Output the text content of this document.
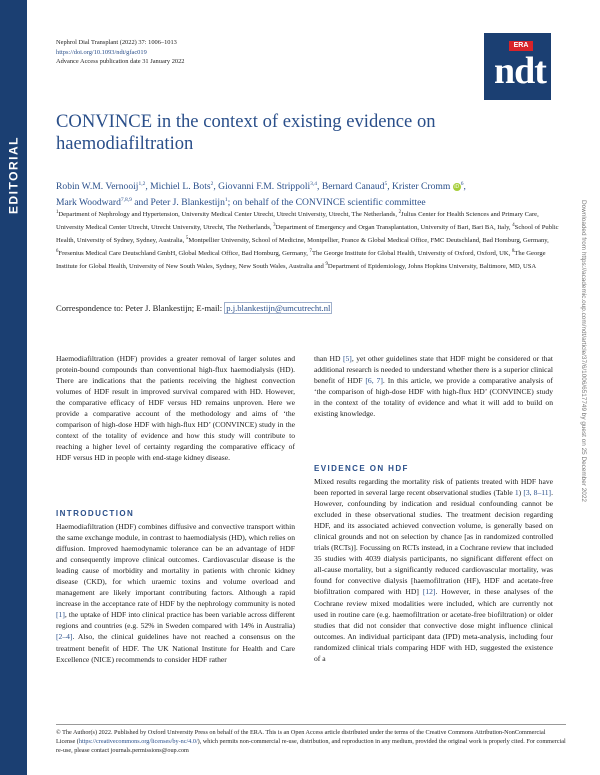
EDITORIAL
Nephrol Dial Transplant (2022) 37: 1006–1013
https://doi.org/10.1093/ndt/gfac019
Advance Access publication date 31 January 2022
ERA
ndt
CONVINCE in the context of existing evidence on haemodiafiltration
Robin W.M. Vernooij$^{1,2}$, Michiel L. Bots$^2$, Giovanni F.M. Strippoli$^{3,4}$, Bernard Canaud$^5$, Krister Cromm $iD^6$,
Mark Woodward$^{7,8,9}$ and Peter J. Blankestijn$^1$; on behalf of the CONVINCE scientific committee
$^1$Department of Nephrology and Hypertension, University Medical Center Utrecht, Utrecht University, Utrecht, The Netherlands, $^2$Julius Center for Health Sciences and Primary Care, University Medical Center Utrecht, Utrecht University, Utrecht, The Netherlands, $^3$Department of Emergency and Organ Transplantation, University of Bari, Bari BA, Italy, $^4$School of Public Health, University of Sydney, Sydney, Australia, $^5$Montpellier University, School of Medicine, Montpellier, France & Global Medical Office, FMC Deutschland, Bad Homburg, Germany, $^6$Fresenius Medical Care Deutschland GmbH, Global Medical Office, Bad Homburg, Germany, $^7$The George Institute for Global Health, University of Oxford, Oxford, UK, $^8$The George Institute for Global Health, University of New South Wales, Sydney, New South Wales, Australia and $^9$Department of Epidemiology, Johns Hopkins University, Baltimore, MD, USA
Correspondence to: Peter J. Blankestijn; E-mail: p.j.blankestijn@umcutrecht.nl

Haemodiafiltration (HDF) provides a greater removal of larger solutes and protein-bound compounds than conventional high-flux haemodialysis (HD). There are indications that the patients receiving the highest convection volumes of HDF result in improved survival compared with HD. However, the comparative efficacy of HDF versus HD remains unproven. Here we provide a comparative account of the methodology and aims of ‘the comparison of high-dose HDF with high-flux HD’ (CONVINCE) study in the context of the totality of evidence and how this study will contribute to reaching a higher level of certainty regarding the comparative efficacy of HDF versus HD in people with end-stage kidney disease.

INTRODUCTION

Haemodiafiltration (HDF) combines diffusive and convective transport within the same exchange module, in contrast to haemodialysis (HD), which relies on diffusion. Improved haemodynamic tolerance can be an advantage of HDF and consequently improve clinical outcomes. Cardiovascular disease is the leading cause of morbidity and mortality in patients with chronic kidney disease (CKD), for which uraemic toxins and volume overload and management are likely important contributing factors. Although a rapid increase in the acceptance rate of HDF by the nephrology community is noted [1], the uptake of HDF into clinical practice has been variable across different regions and countries (e.g. 52% in Sweden compared with 14% in Australia) [2–4]. Also, the clinical guidelines have not reached a consensus on the treatment benefit of HDF. The UK National Institute for Health and Care Excellence (NICE) recommends to consider HDF rather

than HD [5], yet other guidelines state that HDF might be considered or that additional research is needed to understand whether there is a superior clinical benefit of HDF [6, 7]. In this article, we provide a comparative analysis of ‘the comparison of high-dose HDF with high-flux HD’ (CONVINCE) study in the context of the totality of evidence and what it will add to build on existing knowledge.

EVIDENCE ON HDF

Mixed results regarding the mortality risk of patients treated with HDF have been reported in several large recent observational studies (Table 1) [3, 8–11]. However, confounding by indication and residual confounding cannot be excluded in these observational studies. The treatment decision regarding HDF, and its associated achieved convection volume, is generally based on clinical grounds and not on selection by chance [as in randomized controlled trials (RCTs)]. Focussing on RCTs instead, in a Cochrane review that included 35 studies with 4039 dialysis participants, no significant different effect on all-cause mortality, but a significantly reduced cardiovascular mortality, was found for convective dialysis [haemofiltration (HF), HDF and acetate-free biofiltration compared with HD] [12]. However, in these analyses of the Cochrane review mixed modalities were included, which are currently not used in routine care (e.g. haemofiltration or acetate-free biofiltration) or older studies that did not consider that convective dose might influence clinical outcomes. An individual participant data (IPD) meta-analysis, including four randomized clinical trials comparing HDF with HD, suggested the existence of a

© The Author(s) 2022. Published by Oxford University Press on behalf of the ERA. This is an Open Access article distributed under the terms of the Creative Commons Attribution-NonCommercial License (https://creativecommons.org/licenses/by-nc/4.0/), which permits non-commercial re-use, distribution, and reproduction in any medium, provided the original work is properly cited. For commercial re-use, please contact journals.permissions@oup.com
Downloaded from https://academic.oup.com/ndt/article/37/6/1006/6517749 by guest on 25 December 2022
